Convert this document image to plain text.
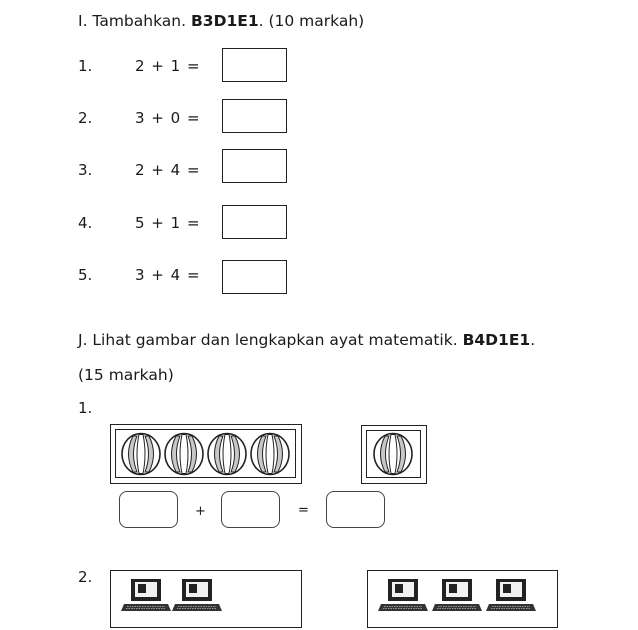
I. Tambahkan. B3D1E1. (10 markah)
1.	2 + 1 =
2.	3 + 0 =
3.	2 + 4 =
4.	5 + 1 =
5.	3 + 4 =
J. Lihat gambar dan lengkapkan ayat matematik. B4D1E1.
(15 markah)
1.
+	=
2.
